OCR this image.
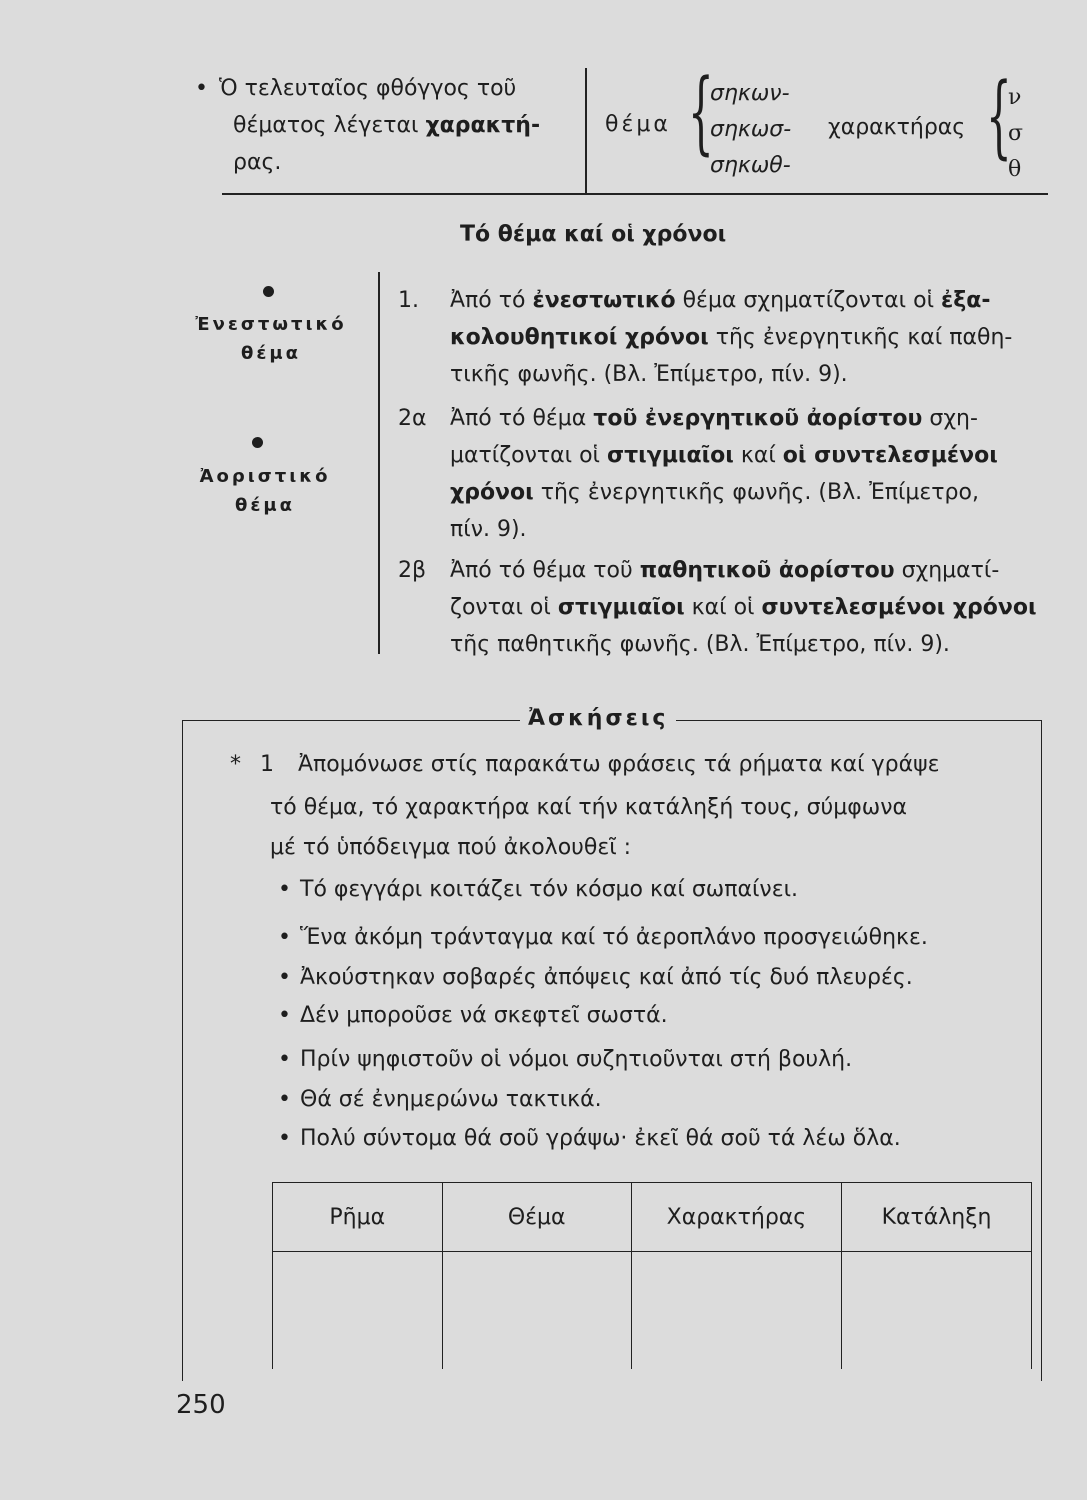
• Ὁ τελευταῖος φθόγγος τοῦ
θέματος λέγεται χαρακτή-
ρας.
θέμα {
σηκων-
σηκωσ-
σηκωθ-
χαρακτήρας {
ν
σ
θ
Τό θέμα καί οἱ χρόνοι
Ἐνεστωτικό
θέμα
Ἀοριστικό
θέμα
1. Ἀπό τό ἐνεστωτικό θέμα σχηματίζονται οἱ ἐξα-
κολουθητικοί χρόνοι τῆς ἐνεργητικῆς καί παθη-
τικῆς φωνῆς. (Βλ. Ἐπίμετρο, πίν. 9).
2α Ἀπό τό θέμα τοῦ ἐνεργητικοῦ ἀορίστου σχη-
ματίζονται οἱ στιγμιαῖοι καί οἱ συντελεσμένοι
χρόνοι τῆς ἐνεργητικῆς φωνῆς. (Βλ. Ἐπίμετρο,
πίν. 9).
2β Ἀπό τό θέμα τοῦ παθητικοῦ ἀορίστου σχηματί-
ζονται οἱ στιγμιαῖοι καί οἱ συντελεσμένοι χρόνοι
τῆς παθητικῆς φωνῆς. (Βλ. Ἐπίμετρο, πίν. 9).
Ἀσκήσεις
* 1 Ἀπομόνωσε στίς παρακάτω φράσεις τά ρήματα καί γράψε
τό θέμα, τό χαρακτήρα καί τήν κατάληξή τους, σύμφωνα
μέ τό ὑπόδειγμα πού ἀκολουθεῖ :
• Τό φεγγάρι κοιτάζει τόν κόσμο καί σωπαίνει.
• Ἕνα ἀκόμη τράνταγμα καί τό ἀεροπλάνο προσγειώθηκε.
• Ἀκούστηκαν σοβαρές ἀπόψεις καί ἀπό τίς δυό πλευρές.
• Δέν μποροῦσε νά σκεφτεῖ σωστά.
• Πρίν ψηφιστοῦν οἱ νόμοι συζητιοῦνται στή βουλή.
• Θά σέ ἐνημερώνω τακτικά.
• Πολύ σύντομα θά σοῦ γράψω· ἐκεῖ θά σοῦ τά λέω ὅλα.
Ρῆμα	Θέμα	Χαρακτήρας	Κατάληξη

250
